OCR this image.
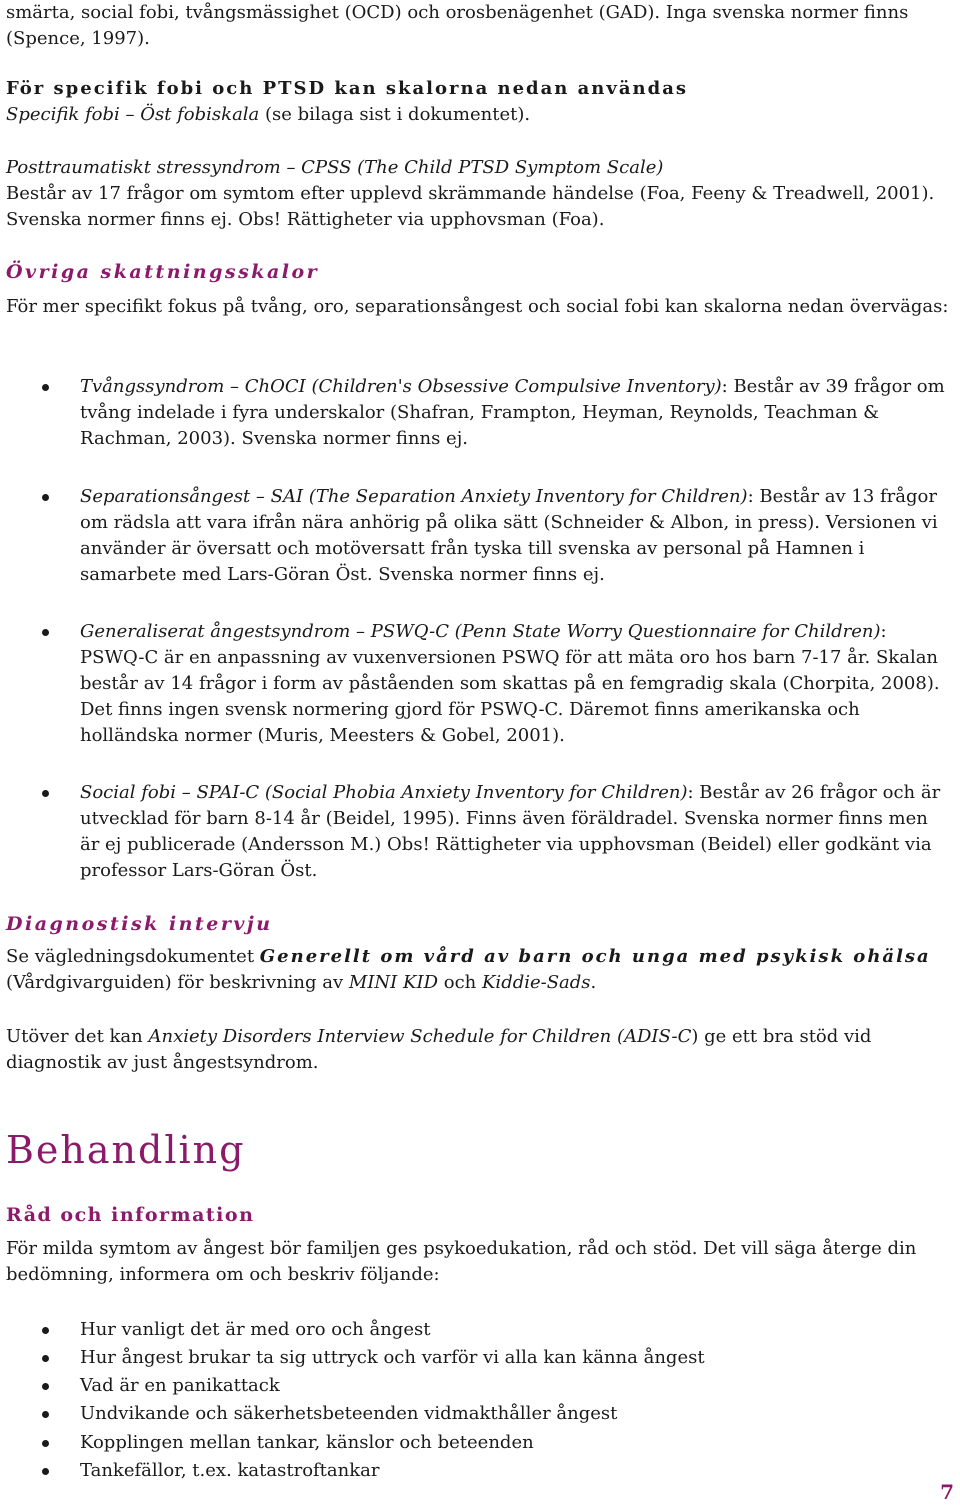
smärta, social fobi, tvångsmässighet (OCD) och orosbenägenhet (GAD). Inga svenska normer finns (Spence, 1997).

För specifik fobi och PTSD kan skalorna nedan användas

Specifik fobi – Öst fobiskala (se bilaga sist i dokumentet).

Posttraumatiskt stressyndrom – CPSS (The Child PTSD Symptom Scale)

Består av 17 frågor om symtom efter upplevd skrämmande händelse (Foa, Feeny & Treadwell, 2001). Svenska normer finns ej. Obs! Rättigheter via upphovsman (Foa).

Övriga skattningsskalor

För mer specifikt fokus på tvång, oro, separationsångest och social fobi kan skalorna nedan övervägas:

Tvångssyndrom – ChOCI (Children's Obsessive Compulsive Inventory): Består av 39 frågor om tvång indelade i fyra underskalor (Shafran, Frampton, Heyman, Reynolds, Teachman & Rachman, 2003). Svenska normer finns ej.

Separationsångest – SAI (The Separation Anxiety Inventory for Children): Består av 13 frågor om rädsla att vara ifrån nära anhörig på olika sätt (Schneider & Albon, in press). Versionen vi använder är översatt och motöversatt från tyska till svenska av personal på Hamnen i samarbete med Lars-Göran Öst. Svenska normer finns ej.

Generaliserat ångestsyndrom – PSWQ-C (Penn State Worry Questionnaire for Children): PSWQ-C är en anpassning av vuxenversionen PSWQ för att mäta oro hos barn 7-17 år. Skalan består av 14 frågor i form av påståenden som skattas på en femgradig skala (Chorpita, 2008). Det finns ingen svensk normering gjord för PSWQ-C. Däremot finns amerikanska och holländska normer (Muris, Meesters & Gobel, 2001).

Social fobi – SPAI-C (Social Phobia Anxiety Inventory for Children): Består av 26 frågor och är utvecklad för barn 8-14 år (Beidel, 1995). Finns även föräldradel. Svenska normer finns men är ej publicerade (Andersson M.) Obs! Rättigheter via upphovsman (Beidel) eller godkänt via professor Lars-Göran Öst.

Diagnostisk intervju

Se vägledningsdokumentet Generellt om vård av barn och unga med psykisk ohälsa (Vårdgivarguiden) för beskrivning av MINI KID och Kiddie-Sads.

Utöver det kan Anxiety Disorders Interview Schedule for Children (ADIS-C) ge ett bra stöd vid diagnostik av just ångestsyndrom.

Behandling

Råd och information

För milda symtom av ångest bör familjen ges psykoedukation, råd och stöd. Det vill säga återge din bedömning, informera om och beskriv följande:

Hur vanligt det är med oro och ångest

Hur ångest brukar ta sig uttryck och varför vi alla kan känna ångest

Vad är en panikattack

Undvikande och säkerhetsbeteenden vidmakthåller ångest

Kopplingen mellan tankar, känslor och beteenden

Tankefällor, t.ex. katastroftankar

7
